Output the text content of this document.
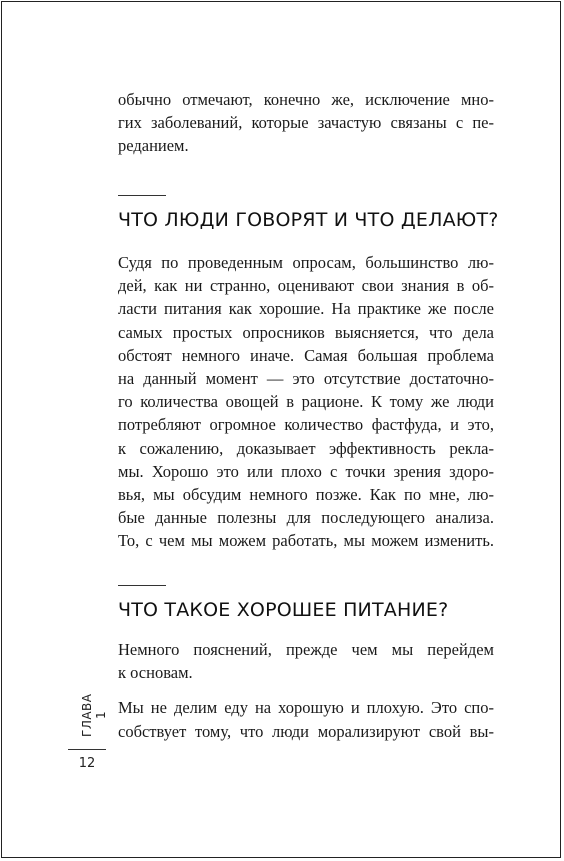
обычно отмечают, конечно же, исключение мно-
гих заболеваний, которые зачастую связаны с пе-
реданием.

ЧТО ЛЮДИ ГОВОРЯТ И ЧТО ДЕЛАЮТ?

Судя по проведенным опросам, большинство лю-
дей, как ни странно, оценивают свои знания в об-
ласти питания как хорошие. На практике же после
самых простых опросников выясняется, что дела
обстоят немного иначе. Самая большая проблема
на данный момент — это отсутствие достаточно-
го количества овощей в рационе. К тому же люди
потребляют огромное количество фастфуда, и это,
к сожалению, доказывает эффективность рекла-
мы. Хорошо это или плохо с точки зрения здоро-
вья, мы обсудим немного позже. Как по мне, лю-
бые данные полезны для последующего анализа.
То, с чем мы можем работать, мы можем изменить.

ЧТО ТАКОЕ ХОРОШЕЕ ПИТАНИЕ?

Немного пояснений, прежде чем мы перейдем
к основам.

Мы не делим еду на хорошую и плохую. Это спо-
собствует тому, что люди морализируют свой вы-

ГЛАВА 1
12
